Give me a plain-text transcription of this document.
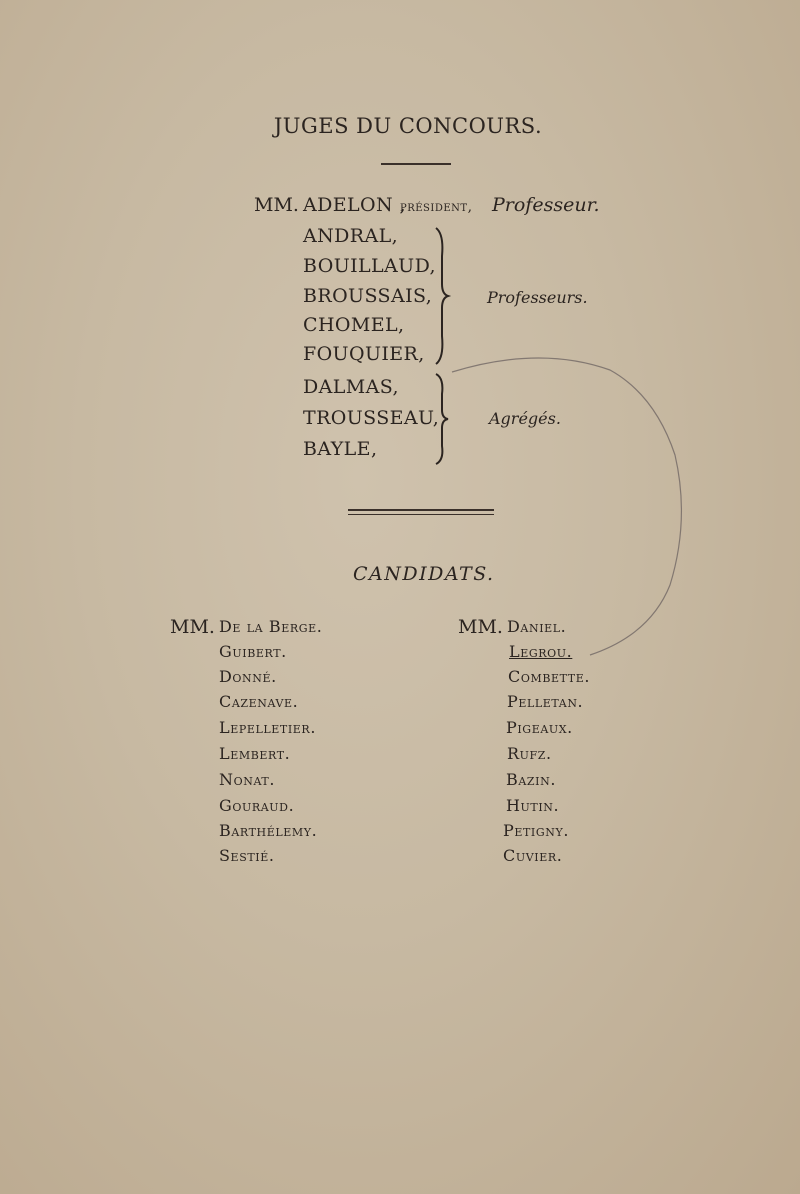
JUGES DU CONCOURS.
MM. ADELON ,
président, Professeur.
ANDRAL,
BOUILLAUD,
BROUSSAIS,
CHOMEL,
FOUQUIER,
Professeurs.
DALMAS,
TROUSSEAU,
BAYLE,
Agrégés.
CANDIDATS.
MM. De la Berge.
Guibert.
Donné.
Cazenave.
Lepelletier.
Lembert.
Nonat.
Gouraud.
Barthélemy.
Sestié.
MM. Daniel.
Legrou.
Combette.
Pelletan.
Pigeaux.
Rufz.
Bazin.
Hutin.
Petigny.
Cuvier.
